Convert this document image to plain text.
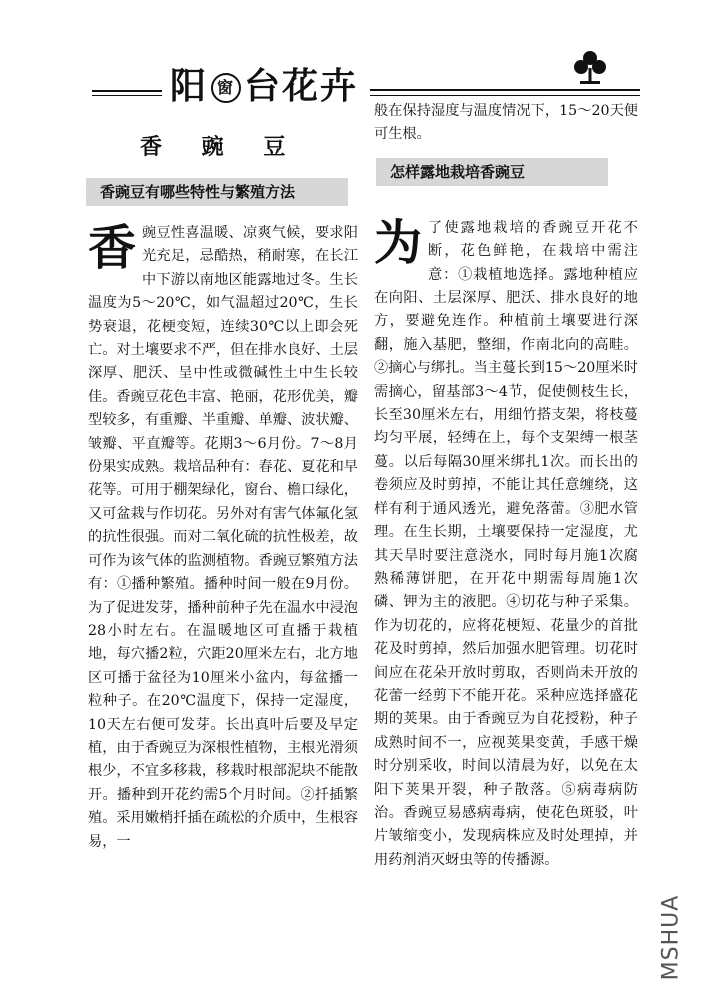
阳 窗 台花卉
香 豌 豆
香豌豆有哪些特性与繁殖方法
香 豌豆性喜温暖、凉爽气候，要求阳光充足，忌酷热，稍耐寒，在长江中下游以南地区能露地过冬。生长温度为5～20℃，如气温超过20℃，生长势衰退，花梗变短，连续30℃以上即会死亡。对土壤要求不严，但在排水良好、土层深厚、肥沃、呈中性或微碱性土中生长较佳。香豌豆花色丰富、艳丽，花形优美，瓣型较多，有重瓣、半重瓣、单瓣、波状瓣、皱瓣、平直瓣等。花期3～6月份。7～8月份果实成熟。栽培品种有：春花、夏花和早花等。可用于棚架绿化，窗台、檐口绿化，又可盆栽与作切花。另外对有害气体氟化氢的抗性很强。而对二氧化硫的抗性极差，故可作为该气体的监测植物。香豌豆繁殖方法有：①播种繁殖。播种时间一般在9月份。为了促进发芽，播种前种子先在温水中浸泡28小时左右。在温暖地区可直播于栽植地，每穴播2粒，穴距20厘米左右，北方地区可播于盆径为10厘米小盆内，每盆播一粒种子。在20℃温度下，保持一定湿度，10天左右便可发芽。长出真叶后要及早定植，由于香豌豆为深根性植物，主根光滑须根少，不宜多移栽，移栽时根部泥块不能散开。播种到开花约需5个月时间。②扦插繁殖。采用嫩梢扦插在疏松的介质中，生根容易，一
般在保持湿度与温度情况下，15～20天便可生根。
为 了使露地栽培的香豌豆开花不断，花色鲜艳，在栽培中需注意：①栽植地选择。露地种植应在向阳、土层深厚、肥沃、排水良好的地方，要避免连作。种植前土壤要进行深翻，施入基肥，整细，作南北向的高畦。②摘心与绑扎。当主蔓长到15～20厘米时需摘心，留基部3～4节，促使侧枝生长，长至30厘米左右，用细竹搭支架，将枝蔓均匀平展，轻缚在上，每个支架缚一根茎蔓。以后每隔30厘米绑扎1次。而长出的卷须应及时剪掉，不能让其任意缠绕，这样有利于通风透光，避免落蕾。③肥水管理。在生长期，土壤要保持一定湿度，尤其天旱时要注意浇水，同时每月施1次腐熟稀薄饼肥，在开花中期需每周施1次磷、钾为主的液肥。④切花与种子采集。作为切花的，应将花梗短、花量少的首批花及时剪掉，然后加强水肥管理。切花时间应在花朵开放时剪取，否则尚未开放的花蕾一经剪下不能开花。采种应选择盛花期的荚果。由于香豌豆为自花授粉，种子成熟时间不一，应视荚果变黄，手感干燥时分别采收，时间以清晨为好，以免在太阳下荚果开裂，种子散落。⑤病毒病防治。香豌豆易感病毒病，使花色斑驳，叶片皱缩变小，发现病株应及时处理掉，并用药剂消灭蚜虫等的传播源。
怎样露地栽培香豌豆
MSHUA
